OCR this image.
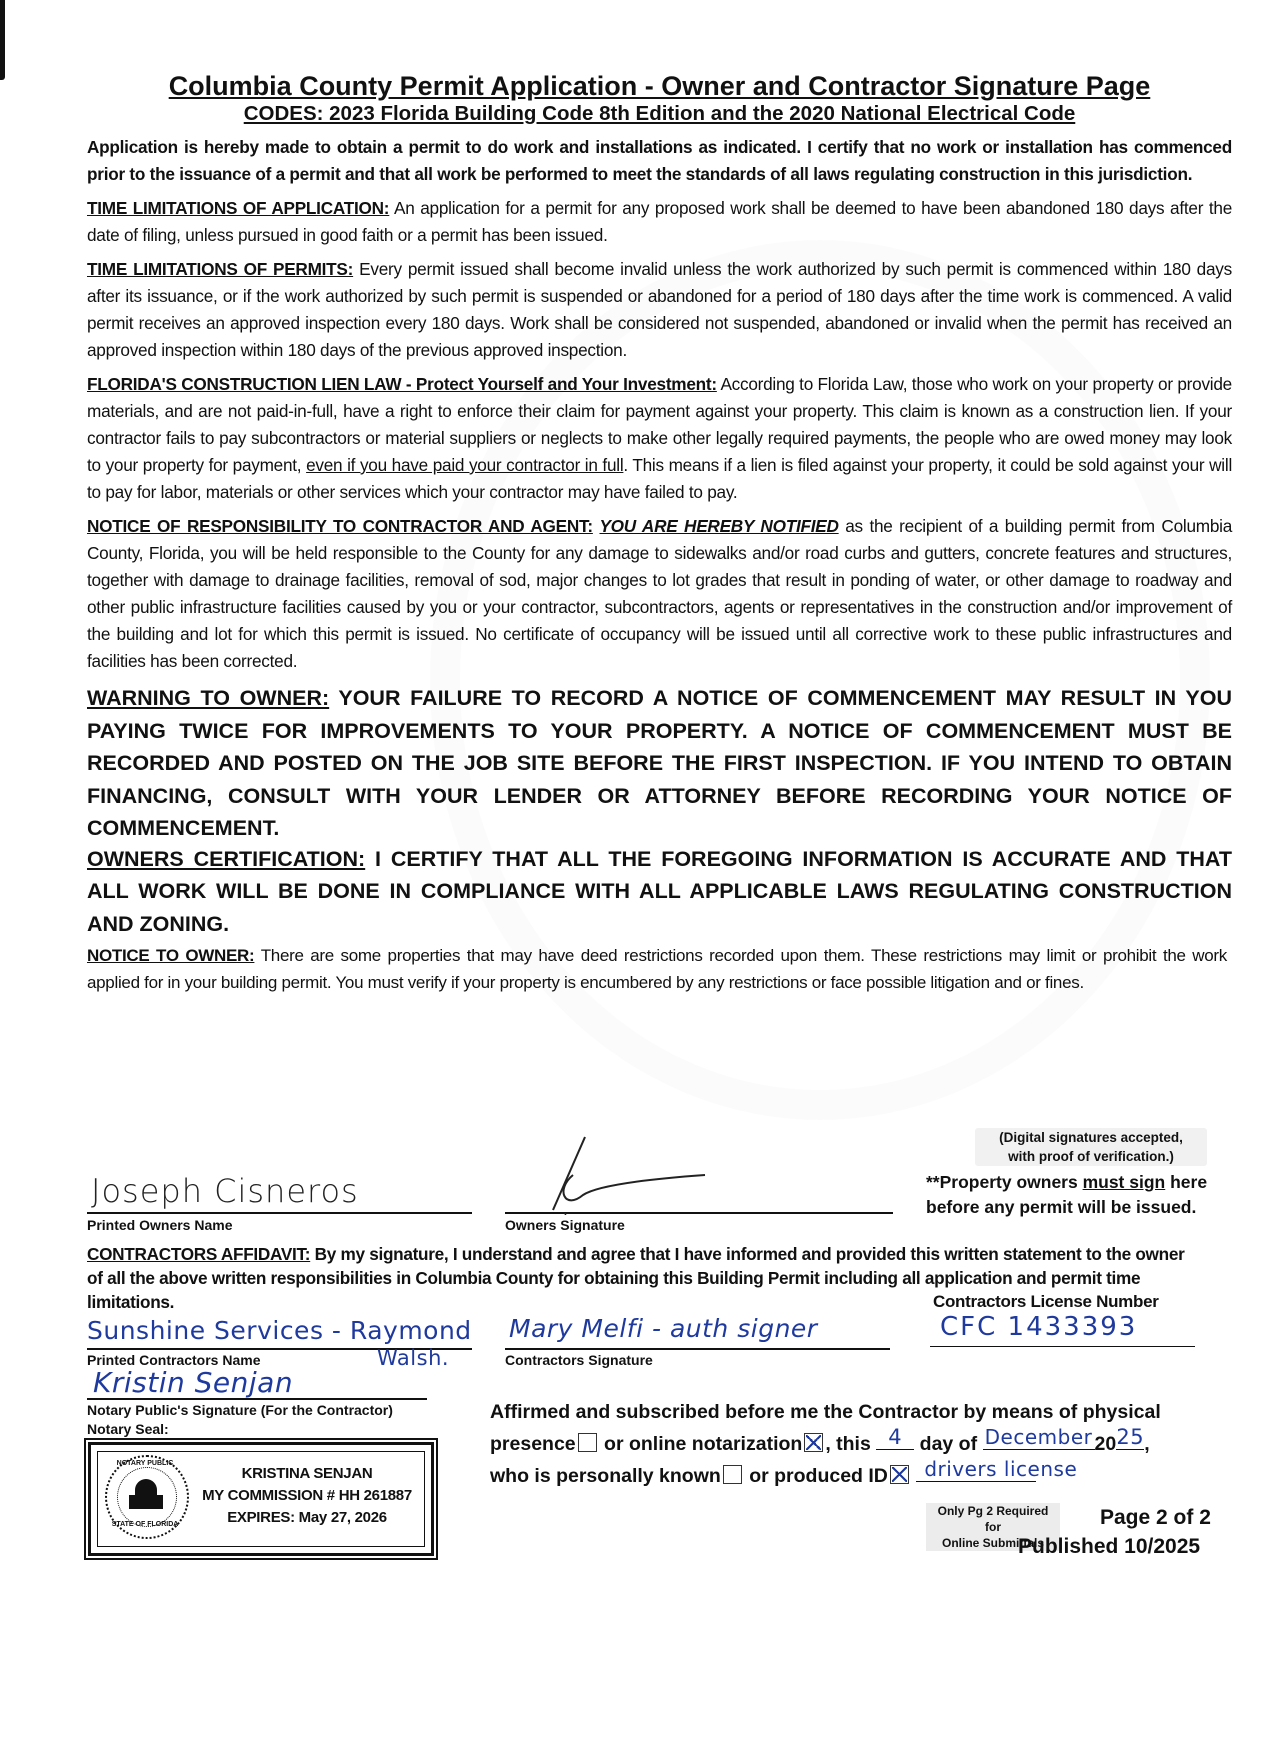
Columbia County Permit Application - Owner and Contractor Signature Page
CODES: 2023 Florida Building Code 8th Edition and the 2020 National Electrical Code

Application is hereby made to obtain a permit to do work and installations as indicated. I certify that no work or installation has commenced prior to the issuance of a permit and that all work be performed to meet the standards of all laws regulating construction in this jurisdiction.

TIME LIMITATIONS OF APPLICATION: An application for a permit for any proposed work shall be deemed to have been abandoned 180 days after the date of filing, unless pursued in good faith or a permit has been issued.

TIME LIMITATIONS OF PERMITS: Every permit issued shall become invalid unless the work authorized by such permit is commenced within 180 days after its issuance, or if the work authorized by such permit is suspended or abandoned for a period of 180 days after the time work is commenced. A valid permit receives an approved inspection every 180 days. Work shall be considered not suspended, abandoned or invalid when the permit has received an approved inspection within 180 days of the previous approved inspection.

FLORIDA'S CONSTRUCTION LIEN LAW - Protect Yourself and Your Investment: According to Florida Law, those who work on your property or provide materials, and are not paid-in-full, have a right to enforce their claim for payment against your property. This claim is known as a construction lien. If your contractor fails to pay subcontractors or material suppliers or neglects to make other legally required payments, the people who are owed money may look to your property for payment, even if you have paid your contractor in full. This means if a lien is filed against your property, it could be sold against your will to pay for labor, materials or other services which your contractor may have failed to pay.

NOTICE OF RESPONSIBILITY TO CONTRACTOR AND AGENT: YOU ARE HEREBY NOTIFIED as the recipient of a building permit from Columbia County, Florida, you will be held responsible to the County for any damage to sidewalks and/or road curbs and gutters, concrete features and structures, together with damage to drainage facilities, removal of sod, major changes to lot grades that result in ponding of water, or other damage to roadway and other public infrastructure facilities caused by you or your contractor, subcontractors, agents or representatives in the construction and/or improvement of the building and lot for which this permit is issued. No certificate of occupancy will be issued until all corrective work to these public infrastructures and facilities has been corrected.

WARNING TO OWNER: YOUR FAILURE TO RECORD A NOTICE OF COMMENCEMENT MAY RESULT IN YOU PAYING TWICE FOR IMPROVEMENTS TO YOUR PROPERTY. A NOTICE OF COMMENCEMENT MUST BE RECORDED AND POSTED ON THE JOB SITE BEFORE THE FIRST INSPECTION. IF YOU INTEND TO OBTAIN FINANCING, CONSULT WITH YOUR LENDER OR ATTORNEY BEFORE RECORDING YOUR NOTICE OF COMMENCEMENT.

OWNERS CERTIFICATION: I CERTIFY THAT ALL THE FOREGOING INFORMATION IS ACCURATE AND THAT ALL WORK WILL BE DONE IN COMPLIANCE WITH ALL APPLICABLE LAWS REGULATING CONSTRUCTION AND ZONING.

NOTICE TO OWNER: There are some properties that may have deed restrictions recorded upon them. These restrictions may limit or prohibit the work applied for in your building permit. You must verify if your property is encumbered by any restrictions or face possible litigation and or fines.

(Digital signatures accepted,
with proof of verification.)
**Property owners must sign here
before any permit will be issued.
Joseph Cisneros
Printed Owners Name	Owners Signature
CONTRACTORS AFFIDAVIT: By my signature, I understand and agree that I have informed and provided this written statement to the owner of all the above written responsibilities in Columbia County for obtaining this Building Permit including all application and permit time limitations.	Contractors License Number
Sunshine Services - Raymond
Walsh.
Printed Contractors Name
Mary Melfi - auth signer
Contractors Signature
CFC 1433393
Kristin Senjan
Notary Public's Signature (For the Contractor)
Notary Seal:
NOTARY PUBLIC
STATE OF FLORIDA
KRISTINA SENJAN
MY COMMISSION # HH 261887
EXPIRES: May 27, 2026
Affirmed and subscribed before me the Contractor by means of physical
presence or online notarization , this 4 day of December 20 25 ,
who is personally known or produced ID drivers license
Only Pg 2 Required for
Online Submittals
Page 2 of 2
Published 10/2025
